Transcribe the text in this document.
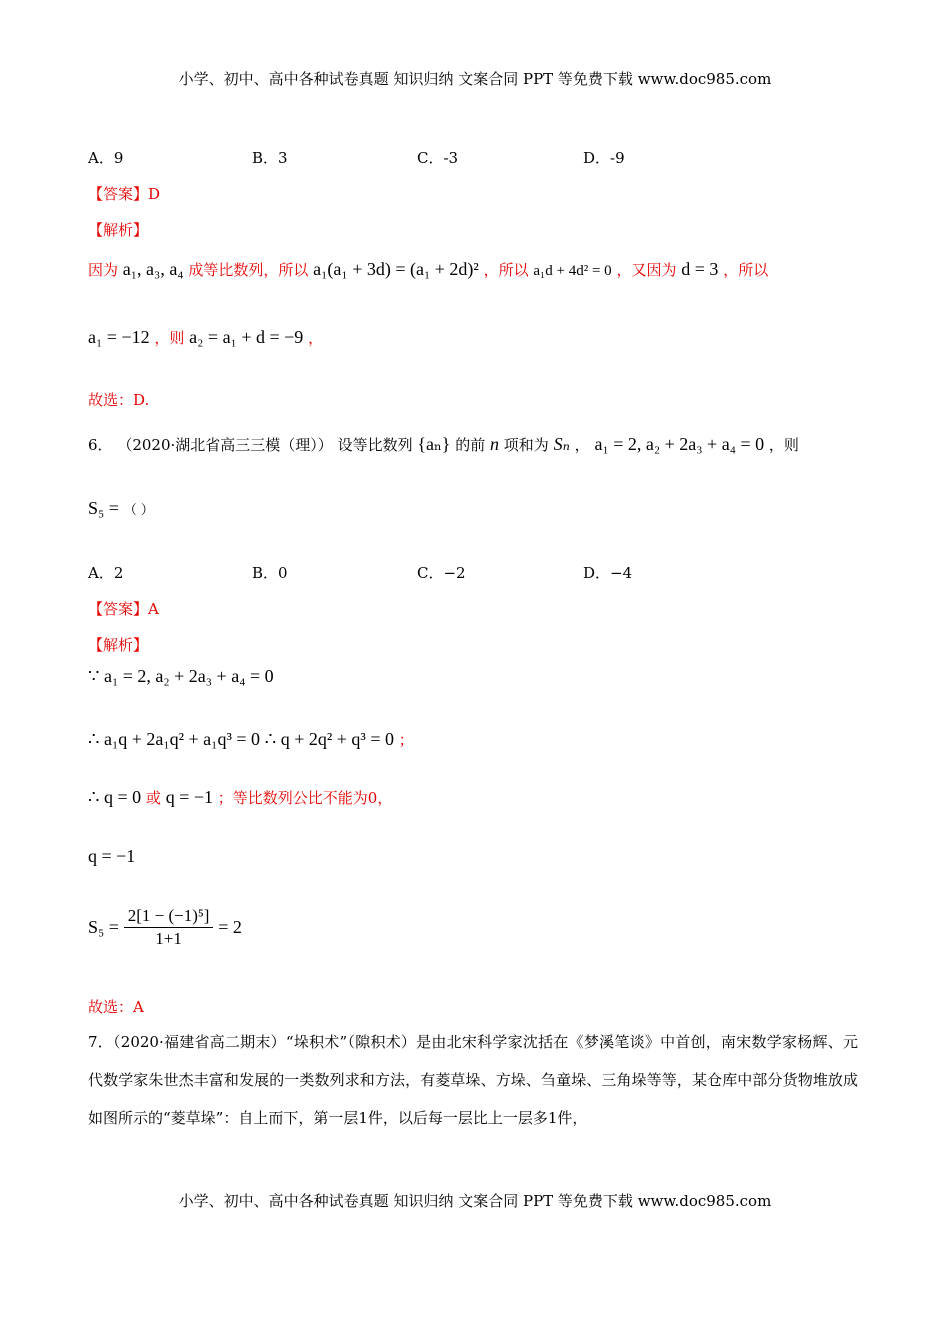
小学、初中、高中各种试卷真题 知识归纳 文案合同 PPT 等免费下载 www.doc985.com
A．9	B．3	C．-3	D．-9
【答案】D
【解析】
因为 a₁, a₃, a₄ 成等比数列，所以 a₁(a₁ + 3d) = (a₁ + 2d)² ，所以 a₁d + 4d² = 0 ，又因为 d = 3 ，所以
a₁ = −12 ，则 a₂ = a₁ + d = −9 ，
故选：D.
6． （2020·湖北省高三三模（理）） 设等比数列 {aₙ} 的前 n 项和为 Sₙ ， a₁ = 2, a₂ + 2a₃ + a₄ = 0 ，则
S₅ = （ ）
A．2	B．0	C．−2	D．−4
【答案】A
【解析】
∵ a₁ = 2, a₂ + 2a₃ + a₄ = 0
∴ a₁q + 2a₁q² + a₁q³ = 0 ∴ q + 2q² + q³ = 0 ；
∴ q = 0 或 q = −1 ；等比数列公比不能为0，
q = −1
$S_5 = \frac{\text{2[1 − (−1)⁵]}}{1+1} = 2$
故选：A
7．（2020·福建省高二期末）“垛积术”（隙积术）是由北宋科学家沈括在《梦溪笔谈》中首创，南宋数学家杨辉、元代数学家朱世杰丰富和发展的一类数列求和方法，有菱草垛、方垛、刍童垛、三角垛等等，某仓库中部分货物堆放成如图所示的“菱草垛”：自上而下，第一层1件，以后每一层比上一层多1件，
小学、初中、高中各种试卷真题 知识归纳 文案合同 PPT 等免费下载 www.doc985.com
